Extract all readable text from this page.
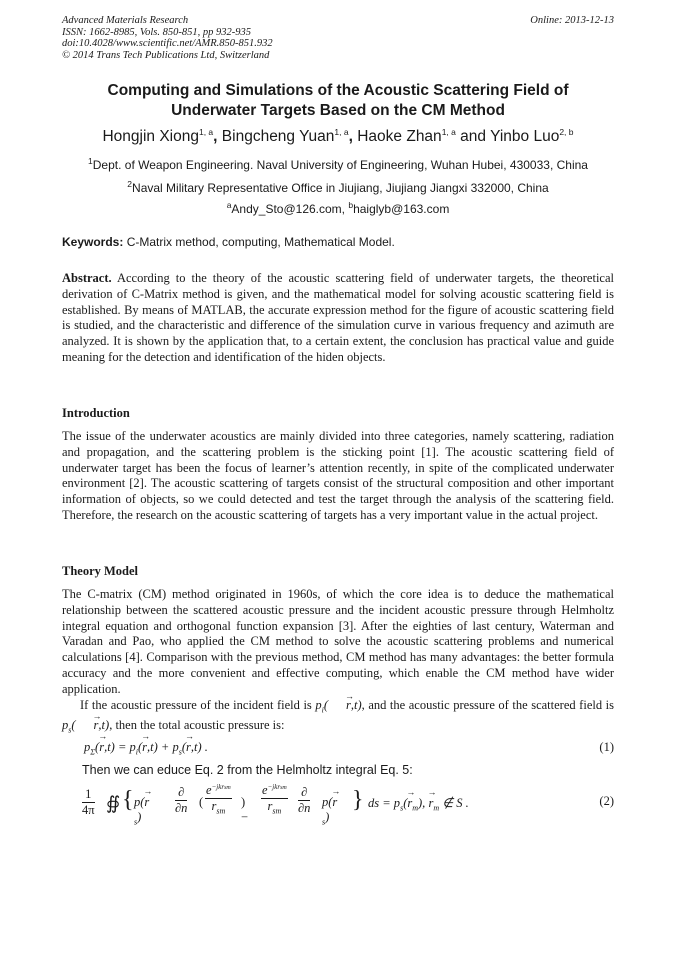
Advanced Materials Research
ISSN: 1662-8985, Vols. 850-851, pp 932-935
doi:10.4028/www.scientific.net/AMR.850-851.932
© 2014 Trans Tech Publications Ltd, Switzerland
Online: 2013-12-13
Computing and Simulations of the Acoustic Scattering Field of
Underwater Targets Based on the CM Method
Hongjin Xiong$^{1, a}$, Bingcheng Yuan$^{1, a}$, Haoke Zhan$^{1, a}$ and Yinbo Luo$^{2, b}$
$^1$Dept. of Weapon Engineering. Naval University of Engineering, Wuhan Hubei, 430033, China
$^2$Naval Military Representative Office in Jiujiang, Jiujiang Jiangxi 332000, China
$^a$Andy_Sto@126.com, $^b$haiglyb@163.com
Keywords: C-Matrix method, computing, Mathematical Model.
Abstract. According to the theory of the acoustic scattering field of underwater targets, the theoretical derivation of C-Matrix method is given, and the mathematical model for solving acoustic scattering field is established. By means of MATLAB, the accurate expression method for the figure of acoustic scattering field is studied, and the characteristic and difference of the simulation curve in various frequency and azimuth are analyzed. It is shown by the application that, to a certain extent, the conclusion has practical value and guide meaning for the detection and identification of the hiden objects.
Introduction
The issue of the underwater acoustics are mainly divided into three categories, namely scattering, radiation and propagation, and the scattering problem is the sticking point [1]. The acoustic scattering field of underwater target has been the focus of learner’s attention recently, in spite of the complicated underwater environment [2]. The acoustic scattering of targets consist of the structural composition and other important information of objects, so we could detected and test the target through the analysis of the scattering field. Therefore, the research on the acoustic scattering of targets has a very important value in the actual project.
Theory Model
The C-matrix (CM) method originated in 1960s, of which the core idea is to deduce the mathematical relationship between the scattered acoustic pressure and the incident acoustic pressure through Helmholtz integral equation and orthogonal function expansion [3]. After the eighties of last century, Waterman and Varadan and Pao, who applied the CM method to solve the acoustic scattering problems and numerical calculations [4]. Comparison with the previous method, CM method has many advantages: the better formula accuracy and the more convenient and effective computing, which enable the CM method have wider application.
If the acoustic pressure of the incident field is $p_i( \to r,t)$, and the acoustic pressure of the scattered field is $p_s( \to r,t)$, then the total acoustic pressure is:
$p_\Sigma(\to r,t) = p_i(\to r,t) + p_s(\to r,t)$ .	(1)
Then we can educe Eq. 2 from the Helmholtz integral Eq. 5:
$\frac{1}{4\pi}$ ∯ { $p(\to r_s)$
∂
∂n (
$e^{-jkrsm}$
$r_{sm}$
) −
$e^{-jkrsm}$
$r_{sm}$
∂
∂n $p(\to r_s)$
} ds = $p_s(\to r_m)$, → $r_m$ ∉ S .	(2)
